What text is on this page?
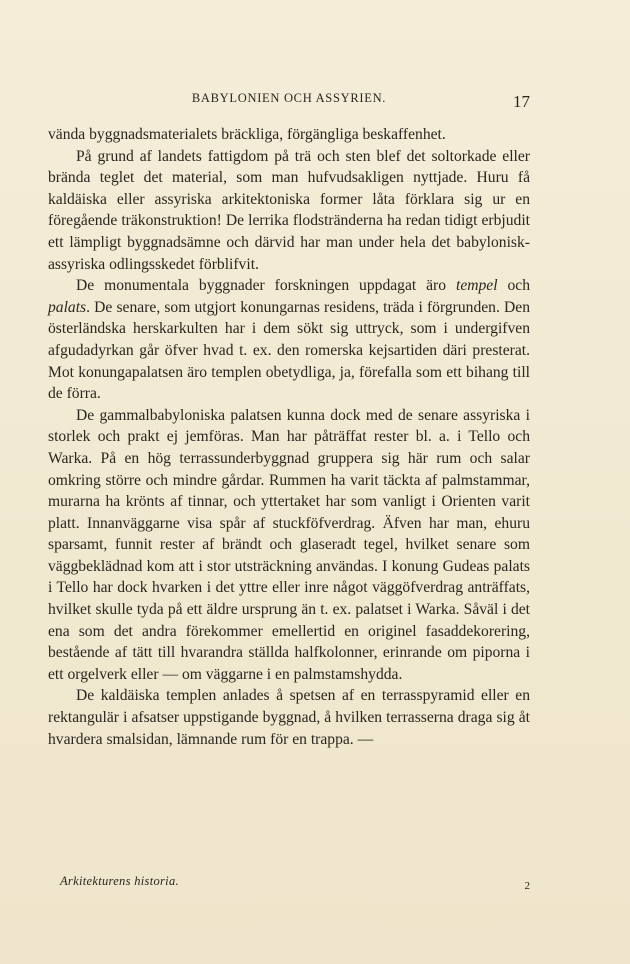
BABYLONIEN OCH ASSYRIEN.	17

vända byggnadsmaterialets bräckliga, förgängliga beskaffenhet.

På grund af landets fattigdom på trä och sten blef det soltorkade eller brända teglet det material, som man hufvudsakligen nyttjade. Huru få kaldäiska eller assyriska arkitektoniska former låta förklara sig ur en föregående träkonstruktion! De lerrika flodstränderna ha redan tidigt erbjudit ett lämpligt byggnadsämne och därvid har man under hela det babylonisk-assyriska odlingsskedet förblifvit.

De monumentala byggnader forskningen uppdagat äro tempel och palats. De senare, som utgjort konungarnas residens, träda i förgrunden. Den österländska herskarkulten har i dem sökt sig uttryck, som i undergifven afgudadyrkan går öfver hvad t. ex. den romerska kejsartiden däri presterat. Mot konungapalatsen äro templen obetydliga, ja, förefalla som ett bihang till de förra.

De gammalbabyloniska palatsen kunna dock med de senare assyriska i storlek och prakt ej jemföras. Man har påträffat rester bl. a. i Tello och Warka. På en hög terrassunderbyggnad gruppera sig här rum och salar omkring större och mindre gårdar. Rummen ha varit täckta af palmstammar, murarna ha krönts af tinnar, och yttertaket har som vanligt i Orienten varit platt. Innanväggarne visa spår af stuckföfverdrag. Äfven har man, ehuru sparsamt, funnit rester af brändt och glaseradt tegel, hvilket senare som väggbeklädnad kom att i stor utsträckning användas. I konung Gudeas palats i Tello har dock hvarken i det yttre eller inre något väggöfverdrag anträffats, hvilket skulle tyda på ett äldre ursprung än t. ex. palatset i Warka. Såväl i det ena som det andra förekommer emellertid en originel fasaddekorering, bestående af tätt till hvarandra ställda halfkolonner, erinrande om piporna i ett orgelverk eller — om väggarne i en palmstamshydda.

De kaldäiska templen anlades å spetsen af en terrasspyramid eller en rektangulär i afsatser uppstigande byggnad, å hvilken terrasserna draga sig åt hvardera smalsidan, lämnande rum för en trappa. —

Arkitekturens historia.	2
